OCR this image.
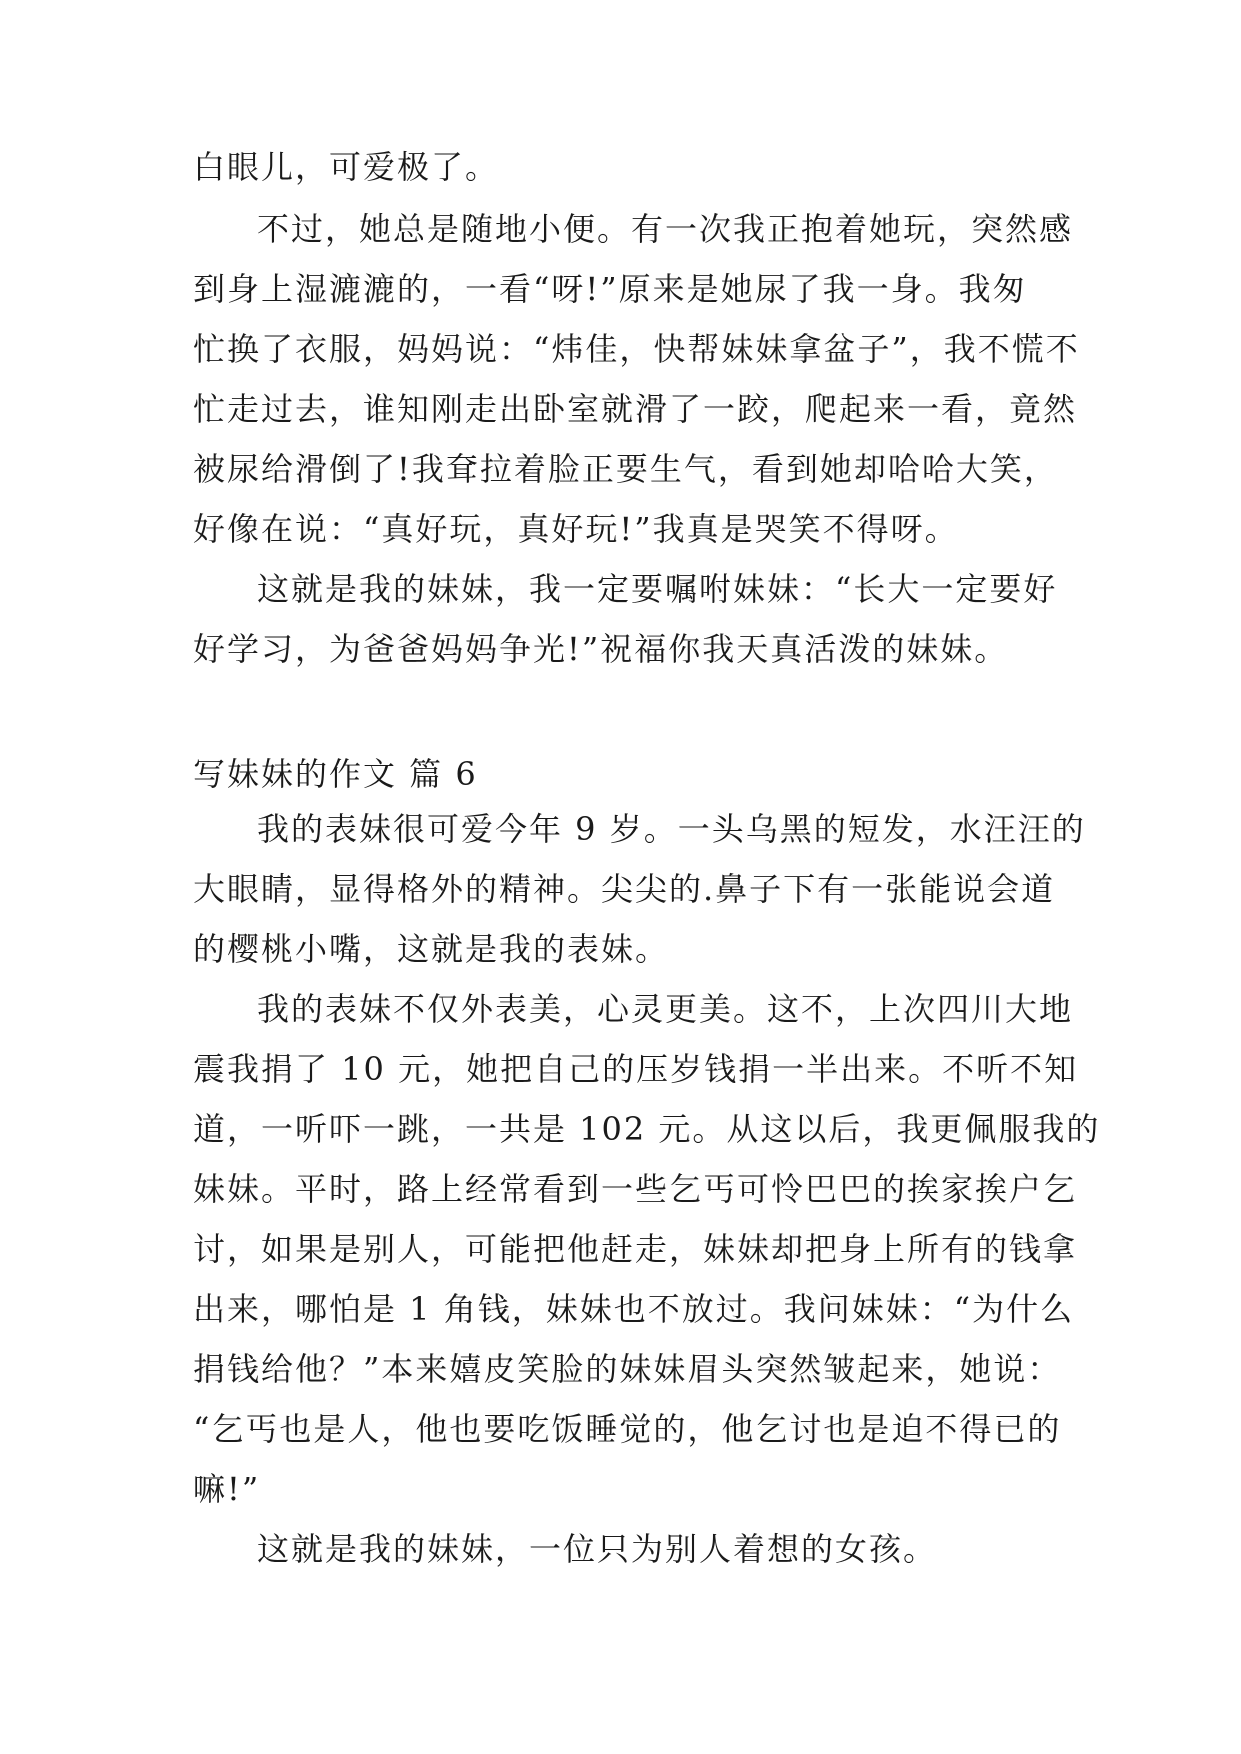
白眼儿，可爱极了。
不过，她总是随地小便。有一次我正抱着她玩，突然感
到身上湿漉漉的，一看“呀!”原来是她尿了我一身。我匆
忙换了衣服，妈妈说：“炜佳，快帮妹妹拿盆子”，我不慌不
忙走过去，谁知刚走出卧室就滑了一跤，爬起来一看，竟然
被尿给滑倒了!我耷拉着脸正要生气，看到她却哈哈大笑，
好像在说：“真好玩，真好玩!”我真是哭笑不得呀。
这就是我的妹妹，我一定要嘱咐妹妹：“长大一定要好
好学习，为爸爸妈妈争光!”祝福你我天真活泼的妹妹。
写妹妹的作文 篇 6
我的表妹很可爱今年 9 岁。一头乌黑的短发，水汪汪的
大眼睛，显得格外的精神。尖尖的.鼻子下有一张能说会道
的樱桃小嘴，这就是我的表妹。
我的表妹不仅外表美，心灵更美。这不，上次四川大地
震我捐了 10 元，她把自己的压岁钱捐一半出来。不听不知
道，一听吓一跳，一共是 102 元。从这以后，我更佩服我的
妹妹。平时，路上经常看到一些乞丐可怜巴巴的挨家挨户乞
讨，如果是别人，可能把他赶走，妹妹却把身上所有的钱拿
出来，哪怕是 1 角钱，妹妹也不放过。我问妹妹：“为什么
捐钱给他？”本来嬉皮笑脸的妹妹眉头突然皱起来，她说：
“乞丐也是人，他也要吃饭睡觉的，他乞讨也是迫不得已的
嘛!”
这就是我的妹妹，一位只为别人着想的女孩。
